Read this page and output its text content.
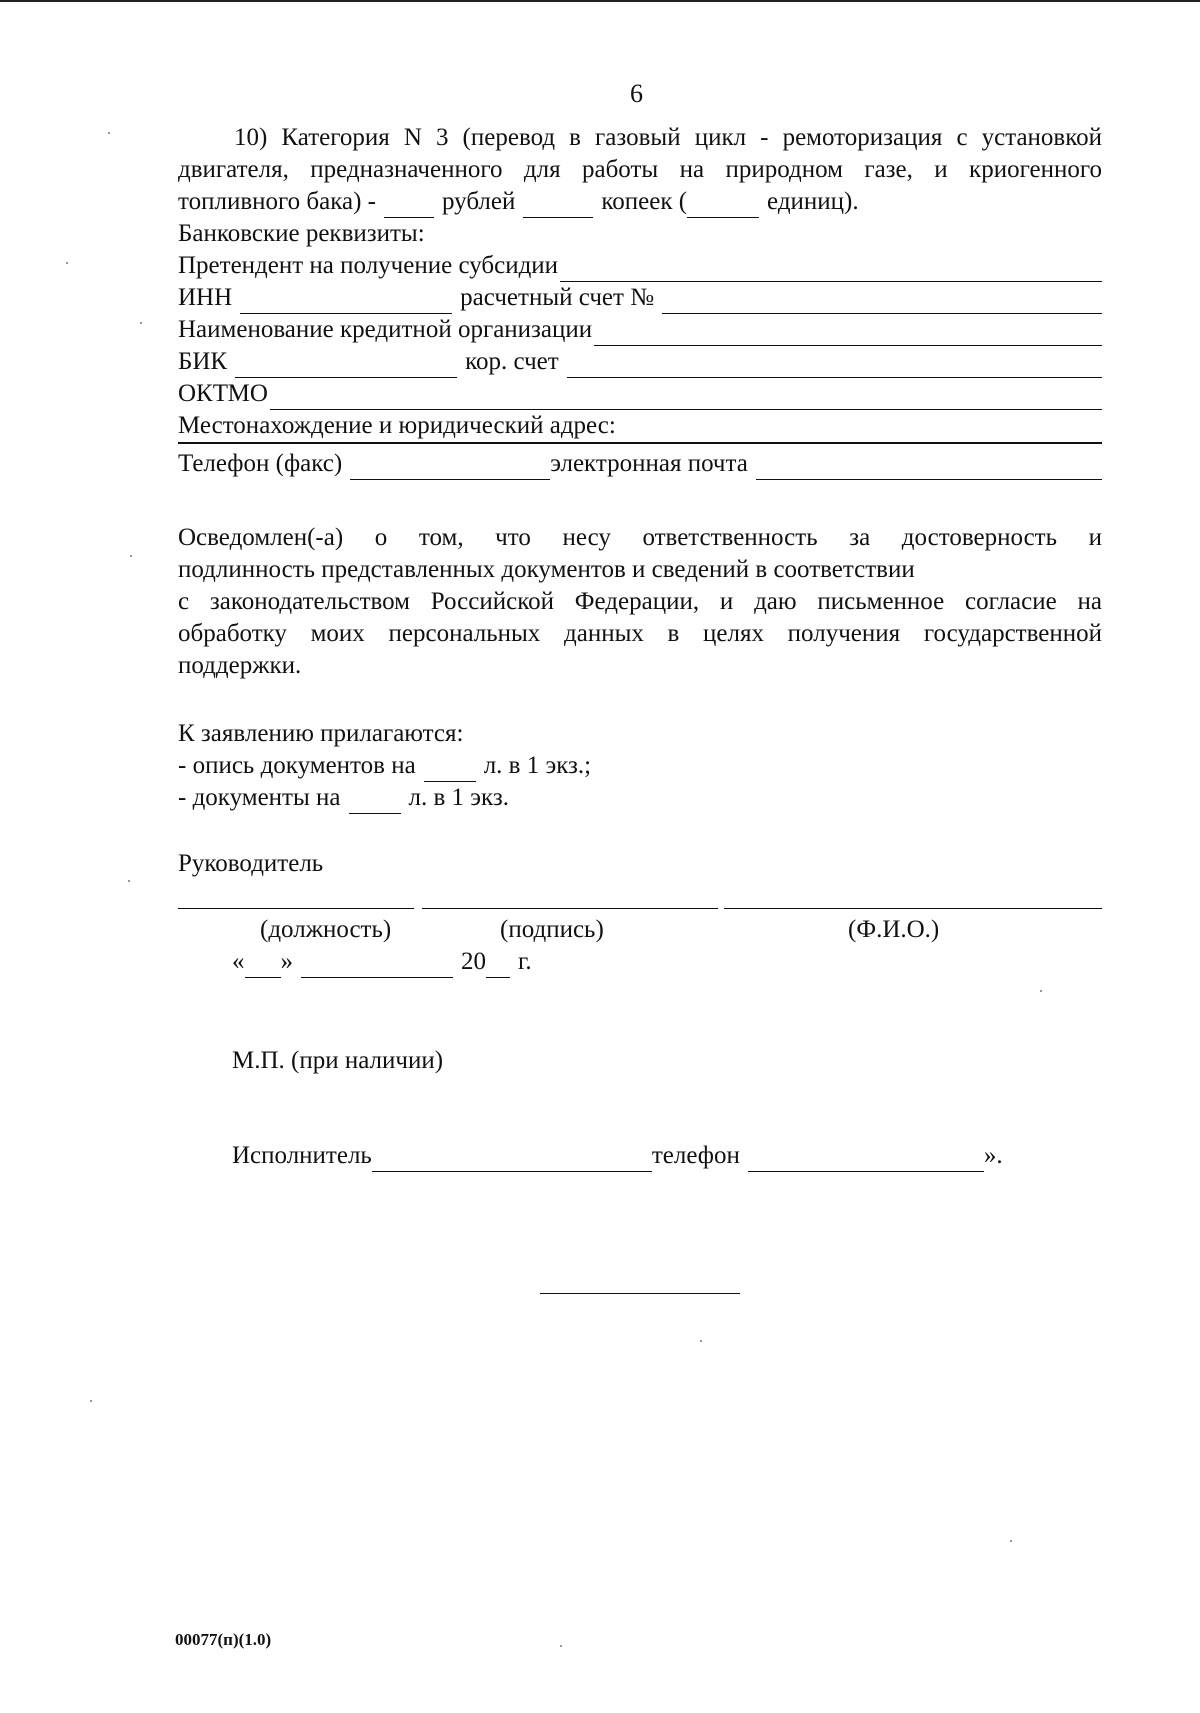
6
10) Категория N 3 (перевод в газовый цикл - ремоторизация с установкой
двигателя, предназначенного для работы на природном газе, и криогенного
топливного бака) -	рублей	копеек (	единиц).
Банковские реквизиты:
Претендент на получение субсидии
ИНН	расчетный счет №
Наименование кредитной организации
БИК	кор. счет
ОКТМО
Местонахождение и юридический адрес:
Телефон (факс)	электронная почта
Осведомлен(-а) о том, что несу ответственность за достоверность и
подлинность представленных документов и сведений в соответствии
с законодательством Российской Федерации, и даю письменное согласие на
обработку моих персональных данных в целях получения государственной
поддержки.
К заявлению прилагаются:
- опись документов на	л. в 1 экз.;
- документы на	л. в 1 экз.
Руководитель
(должность)	(подпись)	(Ф.И.О.)
« »	20 г.
М.П. (при наличии)
Исполнитель	телефон	».
00077(п)(1.0)
